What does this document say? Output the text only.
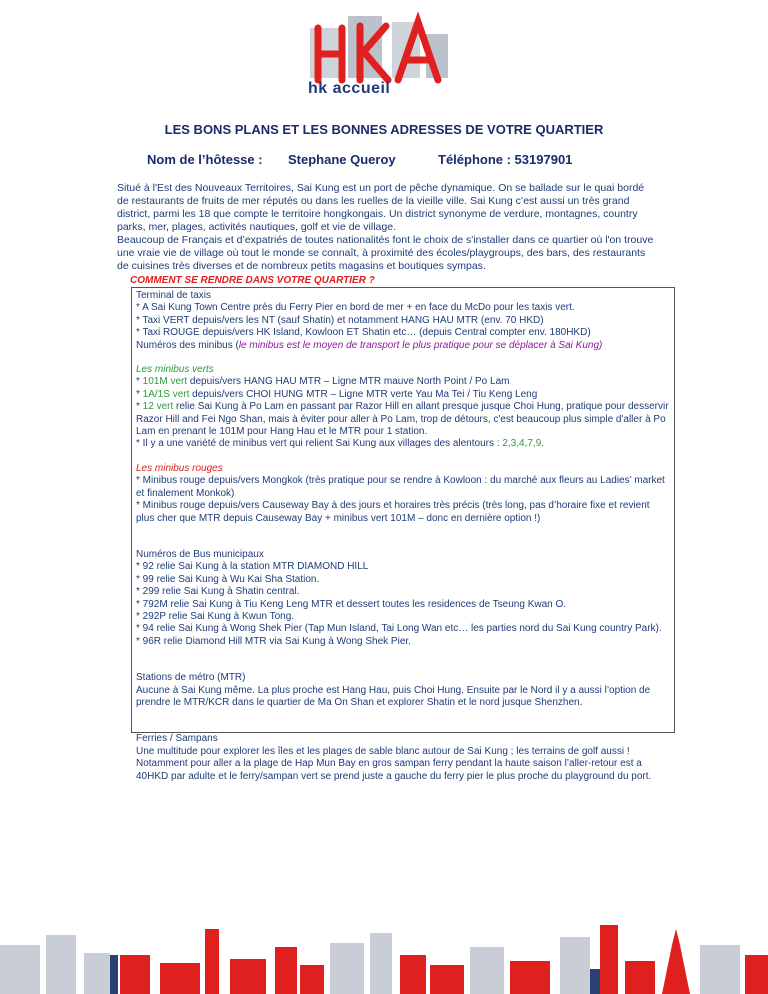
hk accueil
LES BONS PLANS ET LES BONNES ADRESSES DE VOTRE QUARTIER
Nom de l’hôtesse : Stephane Queroy	Téléphone : 53197901
Situé à l'Est des Nouveaux Territoires, Sai Kung est un port de pêche dynamique. On se ballade sur le quai bordé de restaurants de fruits de mer réputés ou dans les ruelles de la vieille ville. Sai Kung c’est aussi un très grand district, parmi les 18 que compte le territoire hongkongais. Un district synonyme de verdure, montagnes, country parks, mer, plages, activités nautiques, golf et vie de village.
Beaucoup de Français et d’expatriés de toutes nationalités font le choix de s'installer dans ce quartier où l'on trouve une vraie vie de village où tout le monde se connaît, à proximité des écoles/playgroups, des bars, des restaurants de cuisines très diverses et de nombreux petits magasins et boutiques sympas.
COMMENT SE RENDRE DANS VOTRE QUARTIER ?

Terminal de taxis

* A Sai Kung Town Centre près du Ferry Pier en bord de mer + en face du McDo pour les taxis vert.

* Taxi VERT depuis/vers les NT (sauf Shatin) et notamment HANG HAU MTR (env. 70 HKD)

* Taxi ROUGE depuis/vers HK Island, Kowloon ET Shatin etc… (depuis Central compter env. 180HKD)

Numéros des minibus (le minibus est le moyen de transport le plus pratique pour se déplacer à Sai Kung)

Les minibus verts

* 101M vert depuis/vers HANG HAU MTR – Ligne MTR mauve North Point / Po Lam

* 1A/1S vert depuis/vers CHOI HUNG MTR – Ligne MTR verte Yau Ma Tei / Tiu Keng Leng

* 12 vert relie Sai Kung à Po Lam en passant par Razor Hill en allant presque jusque Choi Hung, pratique pour desservir Razor Hill and Fei Ngo Shan, mais à éviter pour aller à Po Lam, trop de détours, c'est beaucoup plus simple d'aller à Po Lam en prenant le 101M pour Hang Hau et le MTR pour 1 station.

* Il y a une variété de minibus vert qui relient Sai Kung aux villages des alentours : 2,3,4,7,9.

Les minibus rouges

* Minibus rouge depuis/vers Mongkok (très pratique pour se rendre à Kowloon : du marché aux fleurs au Ladies’ market et finalement Monkok)

* Minibus rouge depuis/vers Causeway Bay à des jours et horaires très précis (très long, pas d’horaire fixe et revient plus cher que MTR depuis Causeway Bay + minibus vert 101M – donc en dernière option !)

Numéros de Bus municipaux

* 92 relie Sai Kung à la station MTR DIAMOND HILL

* 99 relie Sai Kung à Wu Kai Sha Station.

* 299 relie Sai Kung à Shatin central.

* 792M relie Sai Kung à Tiu Keng Leng MTR et dessert toutes les residences de Tseung Kwan O.

* 292P relie Sai Kung à Kwun Tong.

* 94 relie Sai Kung à Wong Shek Pier (Tap Mun Island, Tai Long Wan etc… les parties nord du Sai Kung country Park).

* 96R relie Diamond Hill MTR via Sai Kung à Wong Shek Pier.

Stations de métro (MTR)

Aucune à Sai Kung même. La plus proche est Hang Hau, puis Choi Hung. Ensuite par le Nord il y a aussi l’option de prendre le MTR/KCR dans le quartier de Ma On Shan et explorer Shatin et le nord jusque Shenzhen.

Ferries / Sampans

Une multitude pour explorer les îles et les plages de sable blanc autour de Sai Kung ; les terrains de golf aussi ! Notamment pour aller a la plage de Hap Mun Bay en gros sampan ferry pendant la haute saison l’aller-retour est a 40HKD par adulte et le ferry/sampan vert se prend juste a gauche du ferry pier le plus proche du playground du port.
